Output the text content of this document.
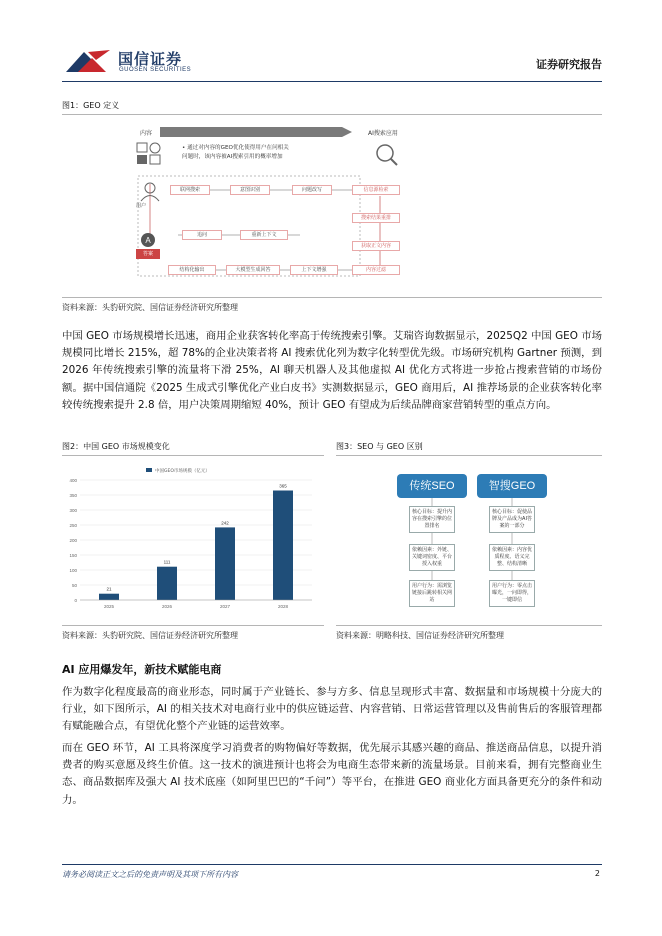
国信证券
GUOSEN SECURITIES	证券研究报告
图1：GEO 定义
内容	AI搜索应用
• 通过对内容的GEO优化使得用户在问相关
问题时，该内容被AI搜索引用的概率增加
用户
A
答案
联网搜索	意图识别	问题改写	信息源检索
搜索结果重排
获取正文内容
追问	重新上下文
结构化输出	大模型生成回答	上下文增强	内容过滤
资料来源：头豹研究院、国信证券经济研究所整理
中国 GEO 市场规模增长迅速，商用企业获客转化率高于传统搜索引擎。艾瑞咨询数据显示，2025Q2 中国 GEO 市场规模同比增长 215%，超 78%的企业决策者将 AI 搜索优化列为数字化转型优先级。市场研究机构 Gartner 预测，到 2026 年传统搜索引擎的流量将下滑 25%，AI 聊天机器人及其他虚拟 AI 优化方式将进一步抢占搜索营销的市场份额。据中国信通院《2025 生成式引擎优化产业白皮书》实测数据显示，GEO 商用后，AI 推荐场景的企业获客转化率较传统搜索提升 2.8 倍，用户决策周期缩短 40%，预计 GEO 有望成为后续品牌商家营销转型的重点方向。
图2：中国 GEO 市场规模变化	图3：SEO 与 GEO 区别
0
50
100
150
200
250
300
350
400
中国GEO市场规模（亿元）
21
2025
111
2026
242
2027
365
2028
传统SEO	智搜GEO
核心目标：提升内容在搜索引擎的位置排名
依赖因素：外链、关键词密度、平台授入权重
用户行为：需浏览链接后跳转相关网站
核心目标：促使品牌及产品成为AI答案的一部分
依赖因素：内容优质程度、语义完整、结构清晰
用户行为：零点击曝光，一问即得，一键即信
资料来源：头豹研究院、国信证券经济研究所整理	资料来源：明略科技、国信证券经济研究所整理
AI 应用爆发年，新技术赋能电商
作为数字化程度最高的商业形态，同时属于产业链长、参与方多、信息呈现形式丰富、数据量和市场规模十分庞大的行业，如下图所示，AI 的相关技术对电商行业中的供应链运营、内容营销、日常运营管理以及售前售后的客服管理都有赋能融合点，有望优化整个产业链的运营效率。
而在 GEO 环节，AI 工具将深度学习消费者的购物偏好等数据，优先展示其感兴趣的商品、推送商品信息，以提升消费者的购买意愿及终生价值。这一技术的演进预计也将会为电商生态带来新的流量场景。目前来看，拥有完整商业生态、商品数据库及强大 AI 技术底座（如阿里巴巴的“千问”）等平台，在推进 GEO 商业化方面具备更充分的条件和动力。
请务必阅读正文之后的免责声明及其项下所有内容	2
